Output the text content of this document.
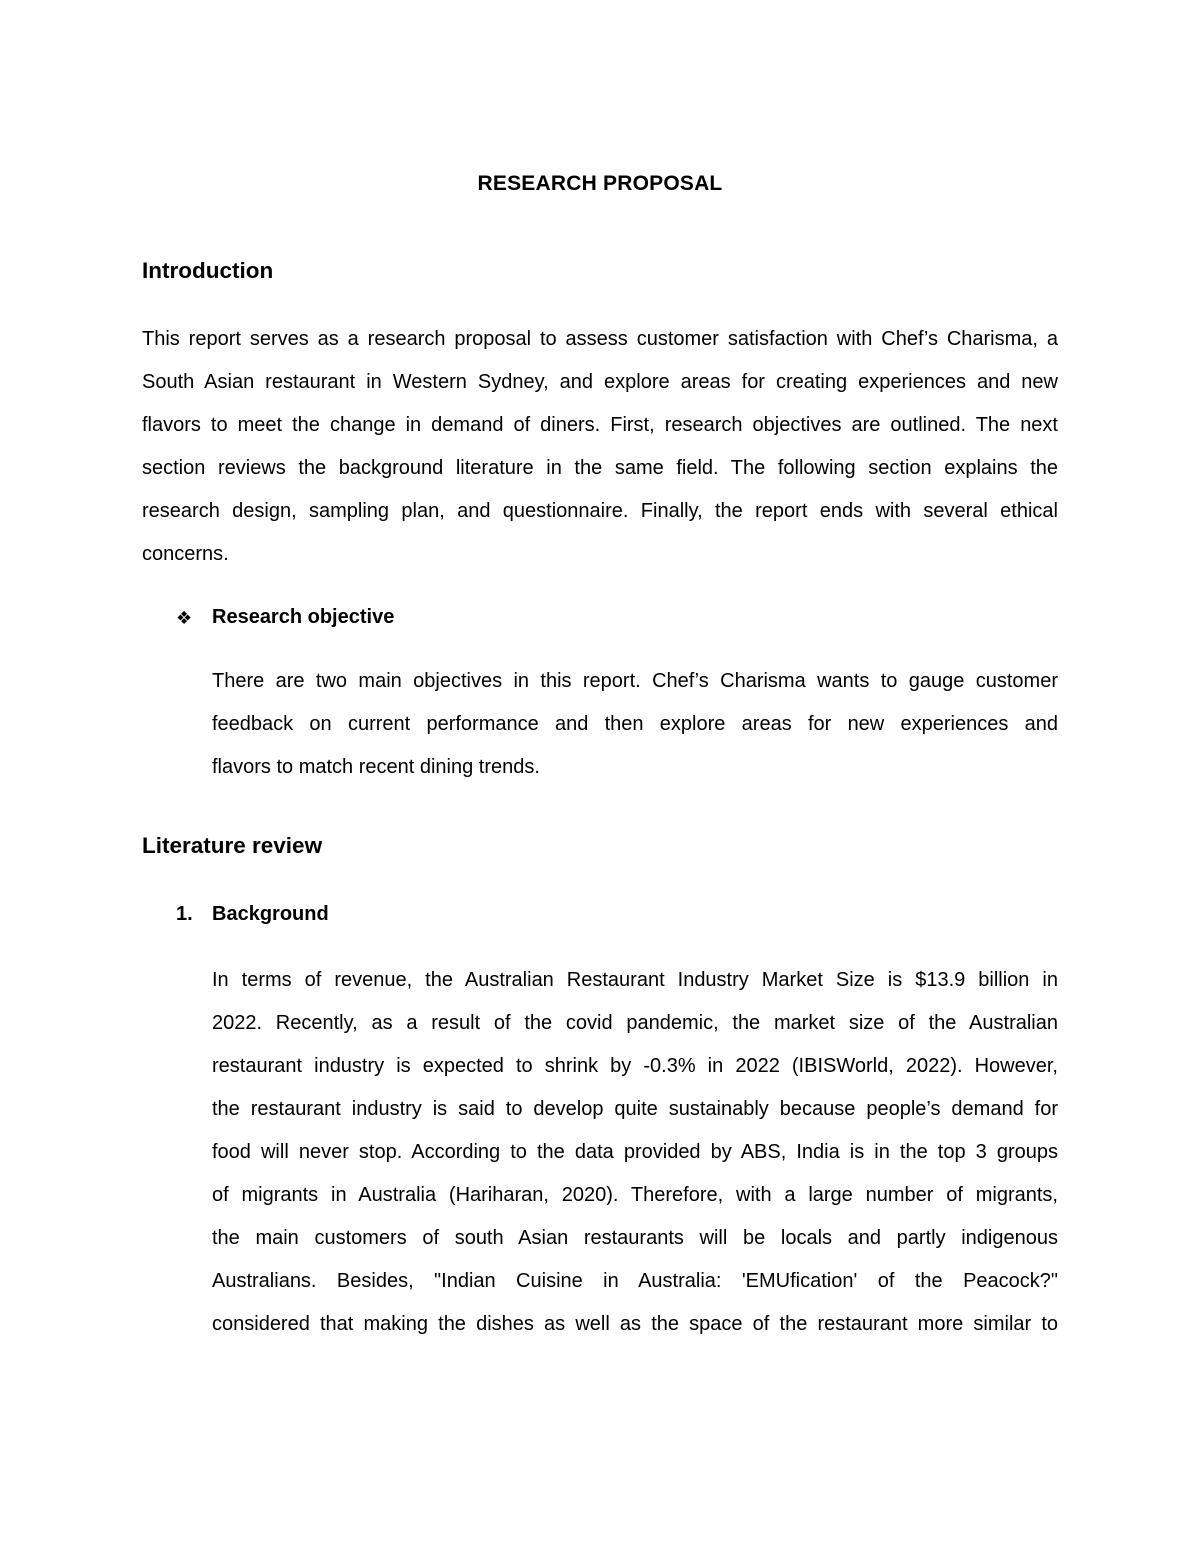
RESEARCH PROPOSAL
Introduction
This report serves as a research proposal to assess customer satisfaction with Chef’s Charisma, a
South Asian restaurant in Western Sydney, and explore areas for creating experiences and new
flavors to meet the change in demand of diners. First, research objectives are outlined. The next
section reviews the background literature in the same field. The following section explains the
research design, sampling plan, and questionnaire. Finally, the report ends with several ethical
concerns.
❖ Research objective
There are two main objectives in this report. Chef’s Charisma wants to gauge customer
feedback on current performance and then explore areas for new experiences and
flavors to match recent dining trends.
Literature review
1. Background
In terms of revenue, the Australian Restaurant Industry Market Size is $13.9 billion in
2022. Recently, as a result of the covid pandemic, the market size of the Australian
restaurant industry is expected to shrink by -0.3% in 2022 (IBISWorld, 2022). However,
the restaurant industry is said to develop quite sustainably because people’s demand for
food will never stop. According to the data provided by ABS, India is in the top 3 groups
of migrants in Australia (Hariharan, 2020). Therefore, with a large number of migrants,
the main customers of south Asian restaurants will be locals and partly indigenous
Australians. Besides, "Indian Cuisine in Australia: 'EMUfication' of the Peacock?"
considered that making the dishes as well as the space of the restaurant more similar to
